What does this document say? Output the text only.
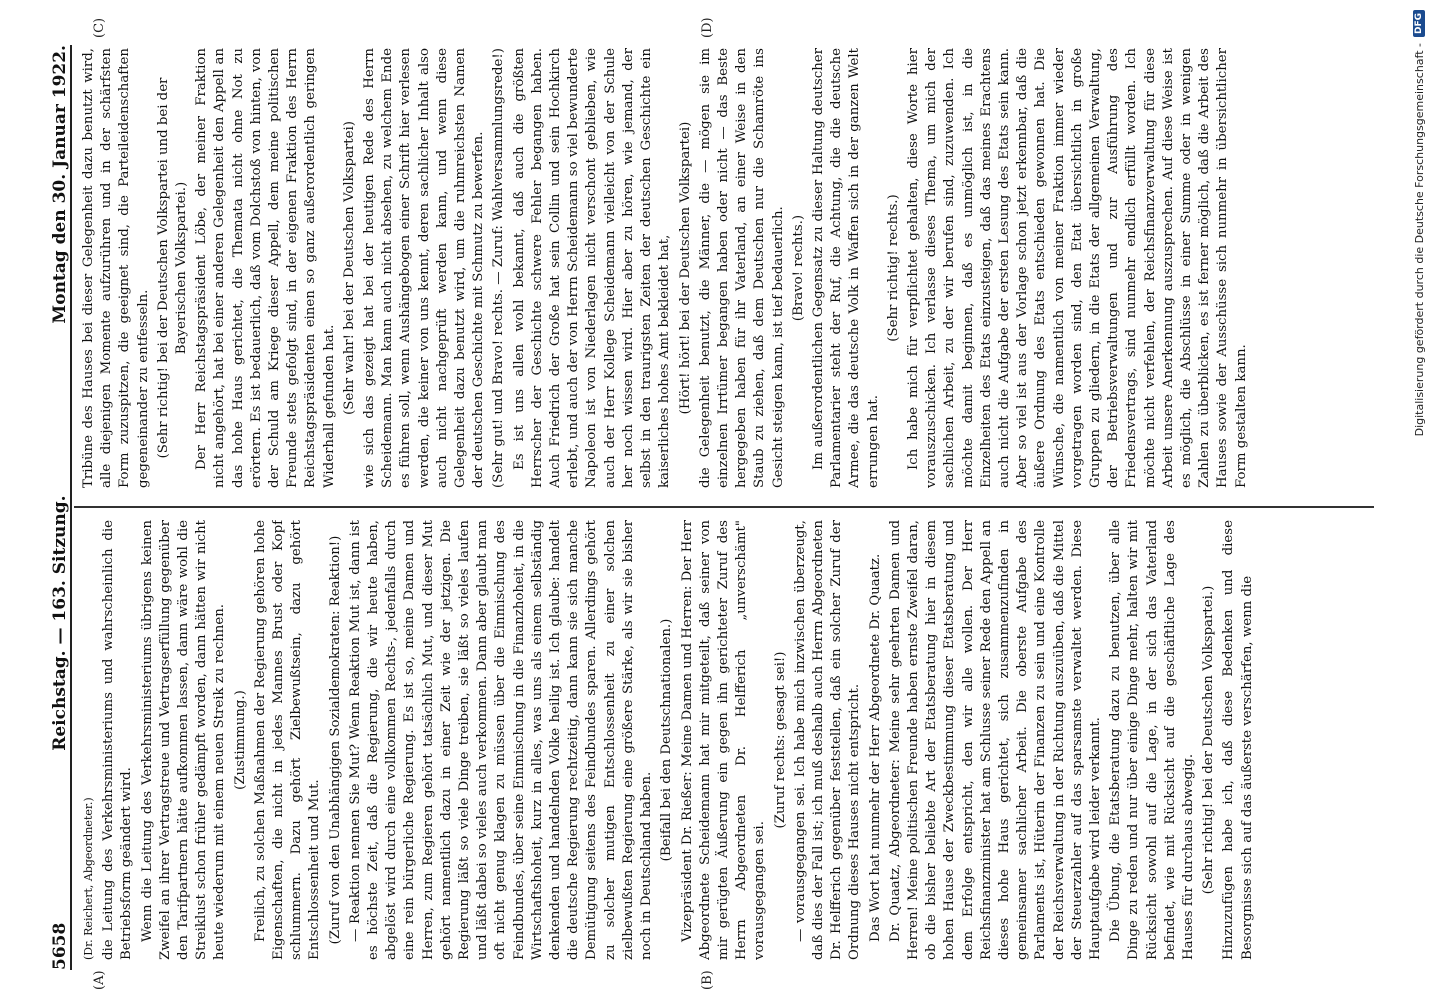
5658
Reichstag. — 163. Sitzung.
Montag den 30. Januar 1922.
(A)	(B)
(C)	(D)

(Dr. Reichert, Abgeordneter.) die Leitung des Verkehrsministeriums und wahrscheinlich die Betriebsform geändert wird. Wenn die Leitung des Verkehrsministeriums übrigens keinen Zweifel an ihrer Vertragstreue und Vertragserfüllung gegenüber den Tarifpartnern hätte aufkommen lassen, dann wäre wohl die Streiklust schon früher gedämpft worden, dann hätten wir nicht heute wiederum mit einem neuen Streik zu rechnen. (Zustimmung.) Freilich, zu solchen Maßnahmen der Regierung gehören hohe Eigenschaften, die nicht in jedes Mannes Brust oder Kopf schlummern. Dazu gehört Zielbewußtsein, dazu gehört Entschlossenheit und Mut. (Zuruf von den Unabhängigen Sozialdemokraten: Reaktion!) — Reaktion nennen Sie Mut? Wenn Reaktion Mut ist, dann ist es höchste Zeit, daß die Regierung, die wir heute haben, abgelöst wird durch eine vollkommen Rechts-, jedenfalls durch eine rein bürgerliche Regierung. Es ist so, meine Damen und Herren, zum Regieren gehört tatsächlich Mut, und dieser Mut gehört namentlich dazu in einer Zeit wie der jetzigen. Die Regierung läßt so viele Dinge treiben, sie läßt so vieles laufen und läßt dabei so vieles auch verkommen. Dann aber glaubt man oft nicht genug klagen zu müssen über die Einmischung des Feindbundes, über seine Einmischung in die Finanzhoheit, in die Wirtschaftshoheit, kurz in alles, was uns als einem selbständig denkenden und handelnden Volke heilig ist. Ich glaube: handelt die deutsche Regierung rechtzeitig, dann kann sie sich manche Demütigung seitens des Feindbundes sparen. Allerdings gehört zu solcher mutigen Entschlossenheit zu einer solchen zielbewußten Regierung eine größere Stärke, als wir sie bisher noch in Deutschland haben.

(Beifall bei den Deutschnationalen.) Vizepräsident Dr. Rießer: Meine Damen und Herren: Der Herr Abgeordnete Scheidemann hat mir mitgeteilt, daß seiner von mir gerügten Äußerung ein gegen ihn gerichteter Zuruf des Herrn Abgeordneten Dr. Helfferich „unverschämt" vorausgegangen sei.

(Zuruf rechts: gesagt sei!) — vorausgegangen sei. Ich habe mich inzwischen überzeugt, daß dies der Fall ist; ich muß deshalb auch Herrn Abgeordneten Dr. Helfferich gegenüber feststellen, daß ein solcher Zuruf der Ordnung dieses Hauses nicht entspricht. Das Wort hat nunmehr der Herr Abgeordnete Dr. Quaatz. Dr. Quaatz, Abgeordneter: Meine sehr geehrten Damen und Herren! Meine politischen Freunde haben ernste Zweifel daran, ob die bisher beliebte Art der Etatsberatung hier in diesem hohen Hause der Zweckbestimmung dieser Etatsberatung und dem Erfolge entspricht, den wir alle wollen. Der Herr Reichsfinanzminister hat am Schlusse seiner Rede den Appell an dieses hohe Haus gerichtet, sich zusammenzufinden in gemeinsamer sachlicher Arbeit. Die oberste Aufgabe des Parlaments ist, Hüterin der Finanzen zu sein und eine Kontrolle der Reichsverwaltung in der Richtung auszuüben, daß die Mittel der Steuerzahler auf das sparsamste verwaltet werden. Diese Hauptaufgabe wird leider verkannt. Die Übung, die Etatsberatung dazu zu benutzen, über alle Dinge zu reden und nur über einige Dinge mehr, halten wir mit Rücksicht sowohl auf die Lage, in der sich das Vaterland befindet, wie mit Rücksicht auf die geschäftliche Lage des Hauses für durchaus abwegig. (Sehr richtig! bei der Deutschen Volkspartei.) Hinzuzufügen habe ich, daß diese Bedenken und diese Besorgnisse sich auf das äußerste verschärfen, wenn die

Tribüne des Hauses bei dieser Gelegenheit dazu benutzt wird, alle diejenigen Momente aufzurühren und in der schärfsten Form zuzuspitzen, die geeignet sind, die Parteileidenschaften gegeneinander zu entfesseln. (Sehr richtig! bei der Deutschen Volkspartei und bei der Bayerischen Volkspartei.) Der Herr Reichstagspräsident Löbe, der meiner Fraktion nicht angehört, hat bei einer anderen Gelegenheit den Appell an das hohe Haus gerichtet, die Themata nicht ohne Not zu erörtern. Es ist bedauerlich, daß vom Dolchstoß von hinten, von der Schuld am Kriege dieser Appell, dem meine politischen Freunde stets gefolgt sind, in der eigenen Fraktion des Herrn Reichstagspräsidenten einen so ganz außerordentlich geringen Widerhall gefunden hat. (Sehr wahr! bei der Deutschen Volkspartei) wie sich das gezeigt hat bei der heutigen Rede des Herrn Scheidemann. Man kann auch nicht absehen, zu welchem Ende es führen soll, wenn Aushängebogen einer Schrift hier verlesen werden, die keiner von uns kennt, deren sachlicher Inhalt also auch nicht nachgeprüft werden kann, und wenn diese Gelegenheit dazu benutzt wird, um die ruhmreichsten Namen der deutschen Geschichte mit Schmutz zu bewerfen. (Sehr gut! und Bravo! rechts. — Zuruf: Wahlversammlungsrede!) Es ist uns allen wohl bekannt, daß auch die größten Herrscher der Geschichte schwere Fehler begangen haben. Auch Friedrich der Große hat sein Collin und sein Hochkirch erlebt, und auch der von Herrn Scheidemann so viel bewunderte Napoleon ist von Niederlagen nicht verschont geblieben, wie auch der Herr Kollege Scheidemann vielleicht von der Schule her noch wissen wird. Hier aber zu hören, wie jemand, der selbst in den traurigsten Zeiten der deutschen Geschichte ein kaiserliches hohes Amt bekleidet hat, (Hört! hört! bei der Deutschen Volkspartei) die Gelegenheit benutzt, die Männer, die — mögen sie im einzelnen Irrtümer begangen haben oder nicht — das Beste hergegeben haben für ihr Vaterland, an einer Weise in den Staub zu ziehen, daß dem Deutschen nur die Schamröte ins Gesicht steigen kann, ist tief bedauerlich. (Bravo! rechts.) Im außerordentlichen Gegensatz zu dieser Haltung deutscher Parlamentarier steht der Ruf, die Achtung, die die deutsche Armee, die das deutsche Volk in Waffen sich in der ganzen Welt errungen hat.

(Sehr richtig! rechts.) Ich habe mich für verpflichtet gehalten, diese Worte hier vorauszuschicken. Ich verlasse dieses Thema, um mich der sachlichen Arbeit, zu der wir berufen sind, zuzuwenden. Ich möchte damit beginnen, daß es unmöglich ist, in die Einzelheiten des Etats einzusteigen, daß das meines Erachtens auch nicht die Aufgabe der ersten Lesung des Etats sein kann. Aber so viel ist aus der Vorlage schon jetzt erkennbar, daß die äußere Ordnung des Etats entschieden gewonnen hat. Die Wünsche, die namentlich von meiner Fraktion immer wieder vorgetragen worden sind, den Etat übersichtlich in große Gruppen zu gliedern, in die Etats der allgemeinen Verwaltung, der Betriebsverwaltungen und zur Ausführung des Friedensvertrags, sind nunmehr endlich erfüllt worden. Ich möchte nicht verfehlen, der Reichsfinanzverwaltung für diese Arbeit unsere Anerkennung auszusprechen. Auf diese Weise ist es möglich, die Abschlüsse in einer Summe oder in wenigen Zahlen zu überblicken, es ist ferner möglich, daß die Arbeit des Hauses sowie der Ausschüsse sich nunmehr in übersichtlicher Form gestalten kann.	Digitalisierung gefördert durch die Deutsche Forschungsgemeinschaft -
DFG
